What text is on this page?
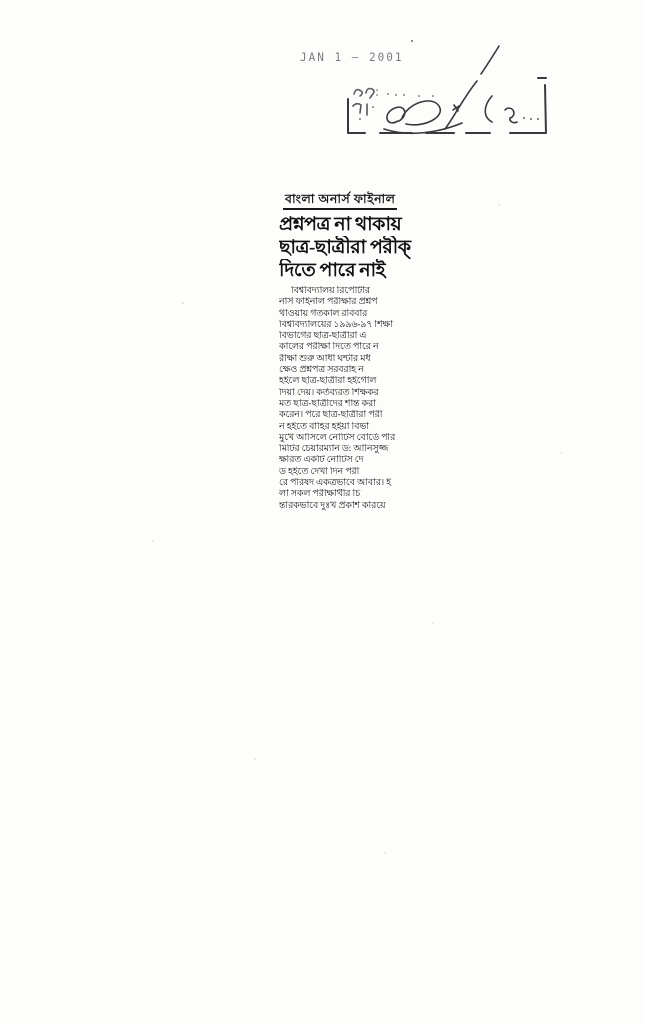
JAN 1 — 2001
বাংলা অনার্স ফাইনাল
প্রশ্নপত্র না থাকায়
ছাত্র-ছাত্রীরা পরীক্
দিতে পারে নাই
বিশ্ববিদ্যালয় রিপোর্টার
নার্স ফাইনাল পরীক্ষার প্রশ্নপ
থাওয়ায় গতকাল রবিবার
বিশ্ববিদ্যালয়ের ১৯৯৬-৯৭ শিক্ষা
বিভাগের ছাত্র-ছাত্রীরা এ
কালের পরীক্ষা দিতে পারে ন
রীক্ষা শুরু আধা ঘন্টার মধ
ক্ষেও প্রশ্নপত্র সরবরাহ ন
হইলে ছাত্র-ছাত্রীরা হইগোল
দিয়া দেয়। কর্তব্যরত শিক্ষকর
মত ছাত্র-ছাত্রীদের শান্ত করা
করেন। পরে ছাত্র-ছাত্রীরা পরী
ন হইতে বাহির হইয়া বিভা
মুখে আসিলে নোটিস বোর্ডে পরি
মিটির চেয়ারম্যান ড: আনিসুজ্জ
ক্ষরিত একটি নোটিস দে
ড হইতে দেখা দিন পরী
রে পরিষদ একত্রভাবে আবার। ই
লা সকল পরীক্ষার্থীর চি
ন্তরিকভাবে দুঃখ প্রকাশ করিয়ে
